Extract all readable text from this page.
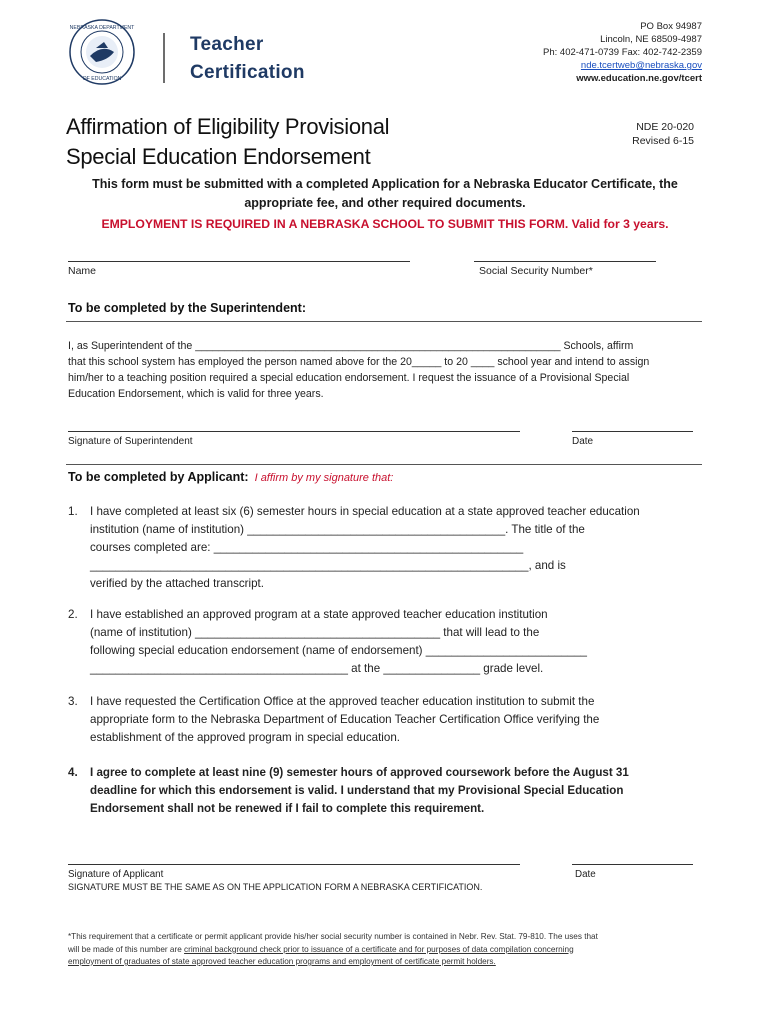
NEBRASKA DEPARTMENT
OF EDUCATION
Teacher
Certification
PO Box 94987
Lincoln, NE 68509-4987
Ph: 402-471-0739 Fax: 402-742-2359
nde.tcertweb@nebraska.gov
www.education.ne.gov/tcert
Affirmation of Eligibility Provisional
Special Education Endorsement
NDE 20-020
Revised 6-15
This form must be submitted with a completed Application for a Nebraska Educator Certificate, the
appropriate fee, and other required documents.
EMPLOYMENT IS REQUIRED IN A NEBRASKA SCHOOL TO SUBMIT THIS FORM. Valid for 3 years.
Name	Social Security Number*
To be completed by the Superintendent:
I, as Superintendent of the ______________________________________________________________ Schools, affirm
that this school system has employed the person named above for the 20_____ to 20 ____ school year and intend to assign
him/her to a teaching position required a special education endorsement. I request the issuance of a Provisional Special
Education Endorsement, which is valid for three years.
Signature of Superintendent	Date
To be completed by Applicant: I affirm by my signature that:
1. I have completed at least six (6) semester hours in special education at a state approved teacher education
institution (name of institution) ________________________________________. The title of the
courses completed are: ________________________________________________
____________________________________________________________________, and is
verified by the attached transcript.
2. I have established an approved program at a state approved teacher education institution
(name of institution) ______________________________________ that will lead to the
following special education endorsement (name of endorsement) _________________________
________________________________________ at the _______________ grade level.
3. I have requested the Certification Office at the approved teacher education institution to submit the
appropriate form to the Nebraska Department of Education Teacher Certification Office verifying the
establishment of the approved program in special education.
4. I agree to complete at least nine (9) semester hours of approved coursework before the August 31
deadline for which this endorsement is valid. I understand that my Provisional Special Education
Endorsement shall not be renewed if I fail to complete this requirement.
Signature of Applicant
SIGNATURE MUST BE THE SAME AS ON THE APPLICATION FORM A NEBRASKA CERTIFICATION.
Date
*This requirement that a certificate or permit applicant provide his/her social security number is contained in Nebr. Rev. Stat. 79-810. The uses that
will be made of this number are criminal background check prior to issuance of a certificate and for purposes of data compilation concerning
employment of graduates of state approved teacher education programs and employment of certificate permit holders.
